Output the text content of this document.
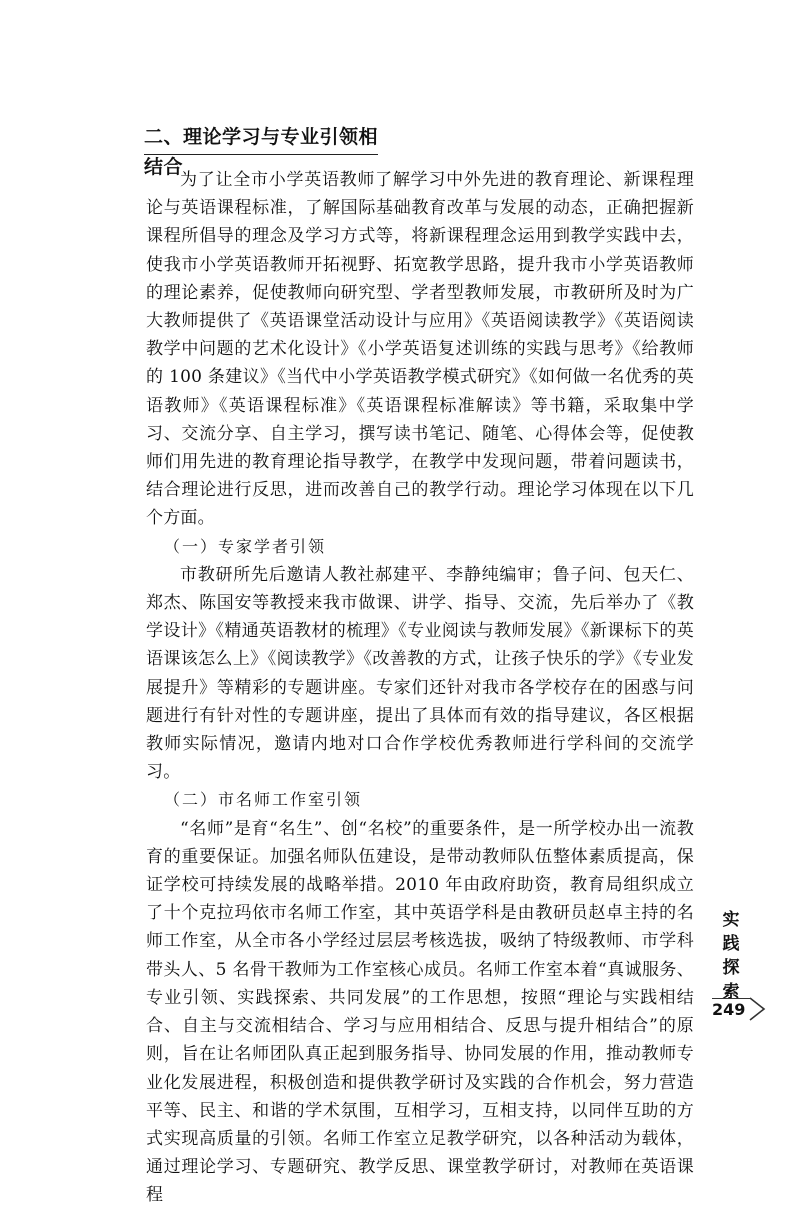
二、理论学习与专业引领相结合

为了让全市小学英语教师了解学习中外先进的教育理论、新课程理论与英语课程标准，了解国际基础教育改革与发展的动态，正确把握新课程所倡导的理念及学习方式等，将新课程理念运用到教学实践中去，使我市小学英语教师开拓视野、拓宽教学思路，提升我市小学英语教师的理论素养，促使教师向研究型、学者型教师发展，市教研所及时为广大教师提供了《英语课堂活动设计与应用》《英语阅读教学》《英语阅读教学中问题的艺术化设计》《小学英语复述训练的实践与思考》《给教师的 100 条建议》《当代中小学英语教学模式研究》《如何做一名优秀的英语教师》《英语课程标准》《英语课程标准解读》等书籍，采取集中学习、交流分享、自主学习，撰写读书笔记、随笔、心得体会等，促使教师们用先进的教育理论指导教学，在教学中发现问题，带着问题读书，结合理论进行反思，进而改善自己的教学行动。理论学习体现在以下几个方面。

（一）专家学者引领

市教研所先后邀请人教社郝建平、李静纯编审；鲁子问、包天仁、郑杰、陈国安等教授来我市做课、讲学、指导、交流，先后举办了《教学设计》《精通英语教材的梳理》《专业阅读与教师发展》《新课标下的英语课该怎么上》《阅读教学》《改善教的方式，让孩子快乐的学》《专业发展提升》等精彩的专题讲座。专家们还针对我市各学校存在的困惑与问题进行有针对性的专题讲座，提出了具体而有效的指导建议，各区根据教师实际情况，邀请内地对口合作学校优秀教师进行学科间的交流学习。

（二）市名师工作室引领

“名师”是育“名生”、创“名校”的重要条件，是一所学校办出一流教育的重要保证。加强名师队伍建设，是带动教师队伍整体素质提高，保证学校可持续发展的战略举措。2010 年由政府助资，教育局组织成立了十个克拉玛依市名师工作室，其中英语学科是由教研员赵卓主持的名师工作室，从全市各小学经过层层考核选拔，吸纳了特级教师、市学科带头人、5 名骨干教师为工作室核心成员。名师工作室本着“真诚服务、专业引领、实践探索、共同发展”的工作思想，按照“理论与实践相结合、自主与交流相结合、学习与应用相结合、反思与提升相结合”的原则，旨在让名师团队真正起到服务指导、协同发展的作用，推动教师专业化发展进程，积极创造和提供教学研讨及实践的合作机会，努力营造平等、民主、和谐的学术氛围，互相学习，互相支持，以同伴互助的方式实现高质量的引领。名师工作室立足教学研究，以各种活动为载体，通过理论学习、专题研究、教学反思、课堂教学研讨，对教师在英语课程

实
践
探
索
249
